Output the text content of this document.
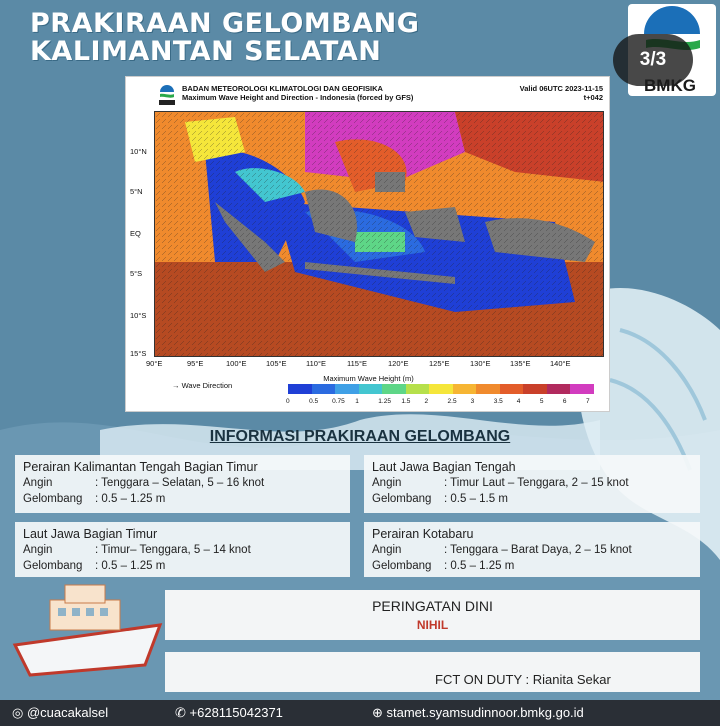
PRAKIRAAN GELOMBANG
KALIMANTAN SELATAN	3/3
BMKG
BADAN METEOROLOGI KLIMATOLOGI DAN GEOFISIKA
Maximum Wave Height and Direction - Indonesia (forced by GFS)
Valid 06UTC 2023-11-15
t+042
10°N
5°N
EQ
5°S
10°S
15°S
90°E	95°E	100°E	105°E	110°E	115°E	120°E	125°E	130°E	135°E	140°E
→ Wave Direction
Maximum Wave Height (m)
0	0.5 0.75 1	1.25 1.5 2	2.5 3	3.5 4	5	6	7
INFORMASI PRAKIRAAN GELOMBANG
Perairan Kalimantan Tengah Bagian Timur
Angin	: Tenggara – Selatan, 5 – 16 knot
Gelombang : 0.5 – 1.25 m
Laut Jawa Bagian Tengah
Angin	: Timur Laut – Tenggara, 2 – 15 knot
Gelombang : 0.5 – 1.5 m
Laut Jawa Bagian Timur
Angin	: Timur– Tenggara, 5 – 14 knot
Gelombang : 0.5 – 1.25 m
Perairan Kotabaru
Angin	: Tenggara – Barat Daya, 2 – 15 knot
Gelombang : 0.5 – 1.25 m
PERINGATAN DINI
NIHIL
FCT ON DUTY : Rianita Sekar
◎ @cuacakalsel	✆ +628115042371	⊕ stamet.syamsudinnoor.bmkg.go.id
